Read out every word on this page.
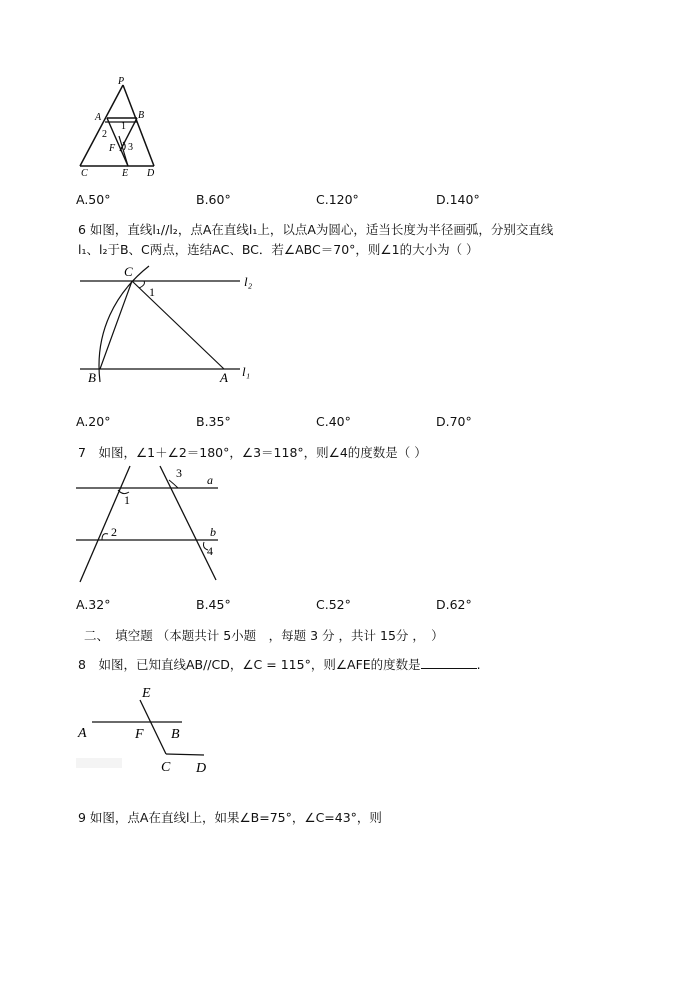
P
A	B
1
2
F 3
C	E D
A.50°	B.60°	C.120°	D.140°
6 如图，直线l₁//l₂，点A在直线l₁上，以点A为圆心，适当长度为半径画弧，分别交直线
l₁、l₂于B、C两点，连结AC、BC．若∠ABC＝70°，则∠1的大小为（ ）
C
1
l₂
B	A l₁
A.20°	B.35°	C.40°	D.70°
7　如图，∠1＋∠2＝180°，∠3＝118°，则∠4的度数是（ ）
3 a
1
2	b
4
A.32°	B.45°	C.52°	D.62°
二、　填空题 （本题共计 5小题　，每题 3 分 ，共计 15分 ，　）
8　如图，已知直线AB//CD，∠C = 115°，则∠AFE的度数是	.
E
A	F B
C D
9 如图，点A在直线l上，如果∠B=75°，∠C=43°，则
